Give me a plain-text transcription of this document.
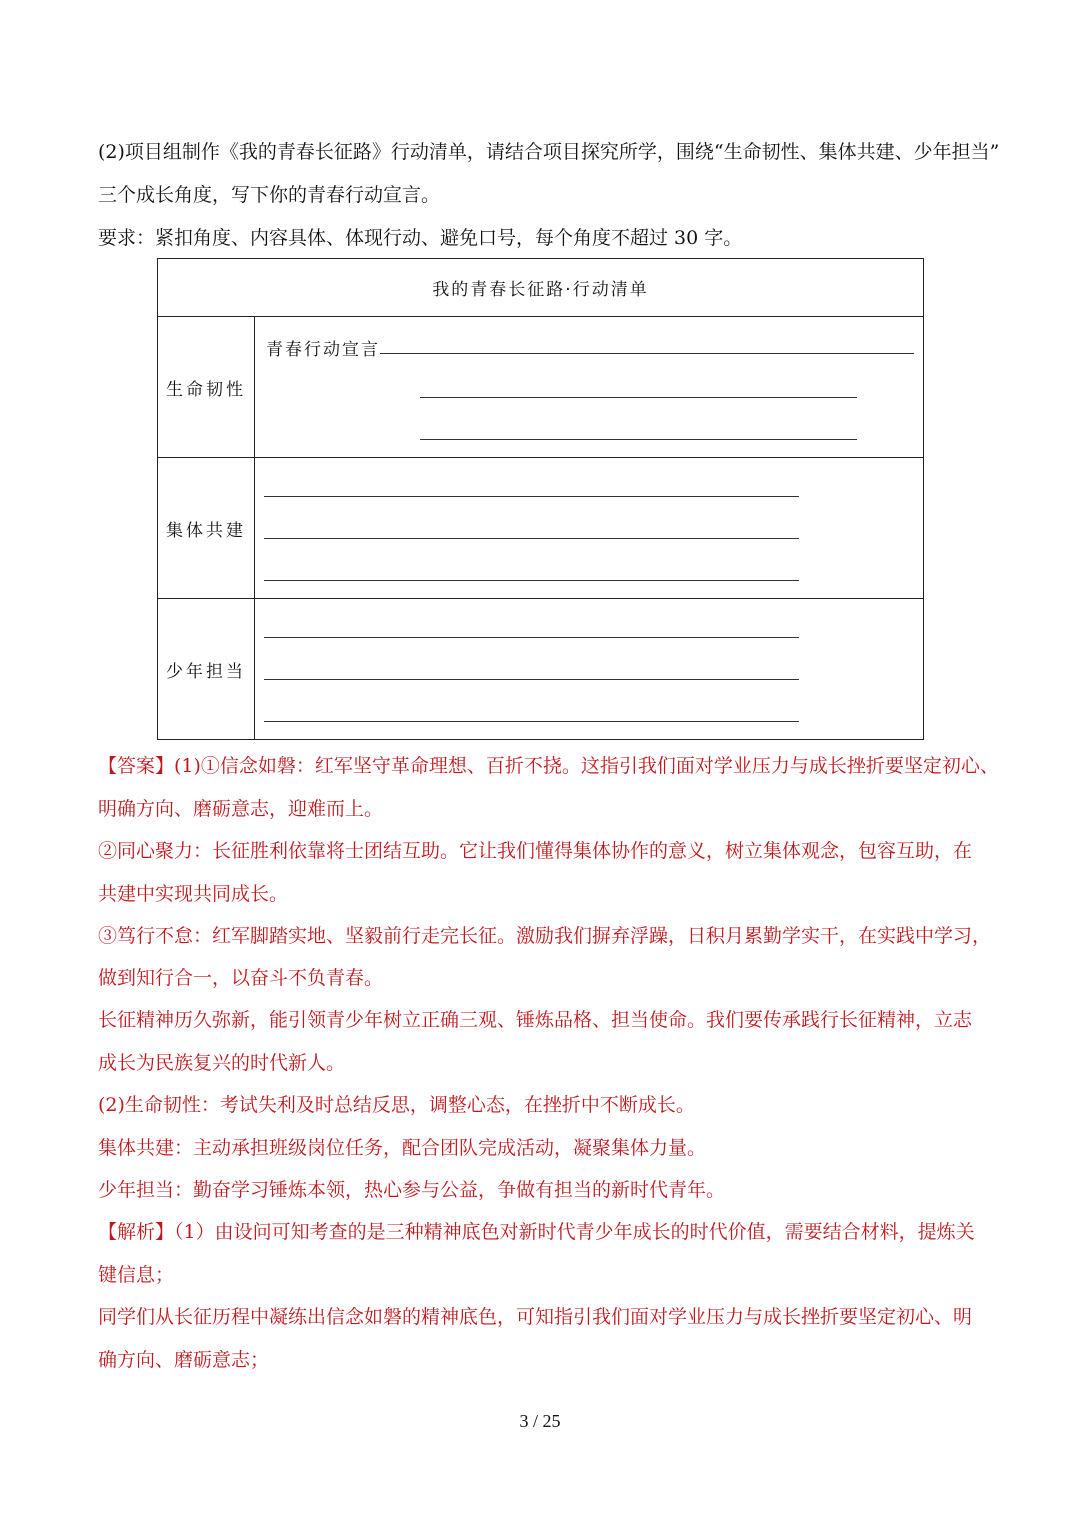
(2)项目组制作《我的青春长征路》行动清单，请结合项目探究所学，围绕“生命韧性、集体共建、少年担当”
三个成长角度，写下你的青春行动宣言。
要求：紧扣角度、内容具体、体现行动、避免口号，每个角度不超过 30 字。
我的青春长征路·行动清单	
生命韧性	青春行动宣言

集体共建	

少年担当	
【答案】(1)①信念如磐：红军坚守革命理想、百折不挠。这指引我们面对学业压力与成长挫折要坚定初心、
明确方向、磨砺意志，迎难而上。
②同心聚力：长征胜利依靠将士团结互助。它让我们懂得集体协作的意义，树立集体观念，包容互助，在
共建中实现共同成长。
③笃行不怠：红军脚踏实地、坚毅前行走完长征。激励我们摒弃浮躁，日积月累勤学实干，在实践中学习，
做到知行合一，以奋斗不负青春。
长征精神历久弥新，能引领青少年树立正确三观、锤炼品格、担当使命。我们要传承践行长征精神，立志
成长为民族复兴的时代新人。
(2)生命韧性：考试失利及时总结反思，调整心态，在挫折中不断成长。
集体共建：主动承担班级岗位任务，配合团队完成活动，凝聚集体力量。
少年担当：勤奋学习锤炼本领，热心参与公益，争做有担当的新时代青年。
【解析】（1）由设问可知考查的是三种精神底色对新时代青少年成长的时代价值，需要结合材料，提炼关
键信息；
同学们从长征历程中凝练出信念如磐的精神底色，可知指引我们面对学业压力与成长挫折要坚定初心、明
确方向、磨砺意志；
3 / 25
